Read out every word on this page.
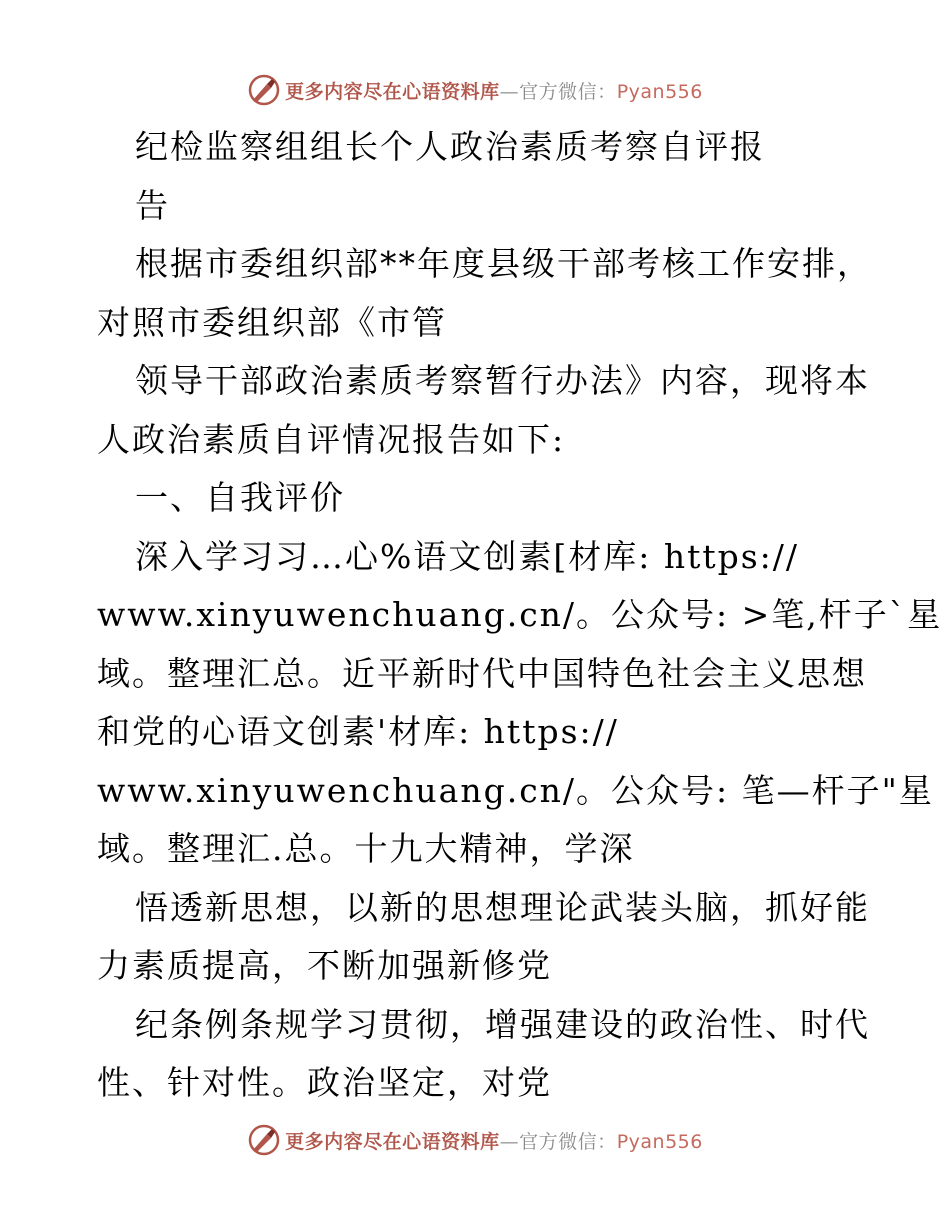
更多内容尽在心语资料库—官方微信：Pyan556
纪检监察组组长个人政治素质考察自评报
告
根据市委组织部**年度县级干部考核工作安排，
对照市委组织部《市管
领导干部政治素质考察暂行办法》内容，现将本
人政治素质自评情况报告如下:
一、自我评价
深入学习习…心%语文创素[材库: https://
www.xinyuwenchuang.cn/。公众号: >笔,杆子`星
域。整理汇总。近平新时代中国特色社会主义思想
和党的心语文创素'材库: https://
www.xinyuwenchuang.cn/。公众号: 笔—杆子"星
域。整理汇.总。十九大精神，学深
悟透新思想，以新的思想理论武装头脑，抓好能
力素质提高，不断加强新修党
纪条例条规学习贯彻，增强建设的政治性、时代
性、针对性。政治坚定，对党
更多内容尽在心语资料库—官方微信：Pyan556
